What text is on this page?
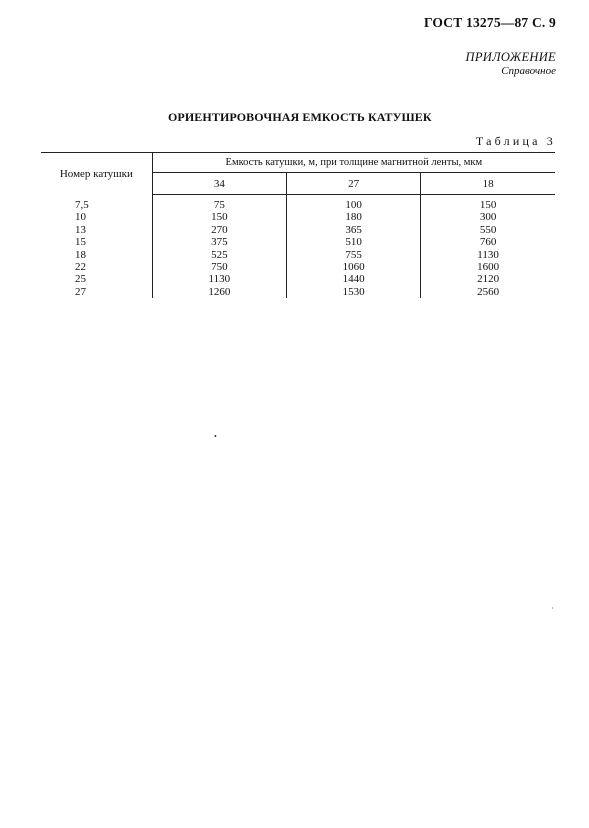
ГОСТ 13275—87 С. 9
ПРИЛОЖЕНИЕ
Справочное
ОРИЕНТИРОВОЧНАЯ ЕМКОСТЬ КАТУШЕК
Таблица 3
Номер катушки	Емкость катушки, м, при толщине магнитной ленты, мкм		
	34	27	18
7,5	75	100	150
10	150	180	300
13	270	365	550
15	375	510	760
18	525	755	1130
22	750	1060	1600
25	1130	1440	2120
27	1260	1530	2560
•
·
